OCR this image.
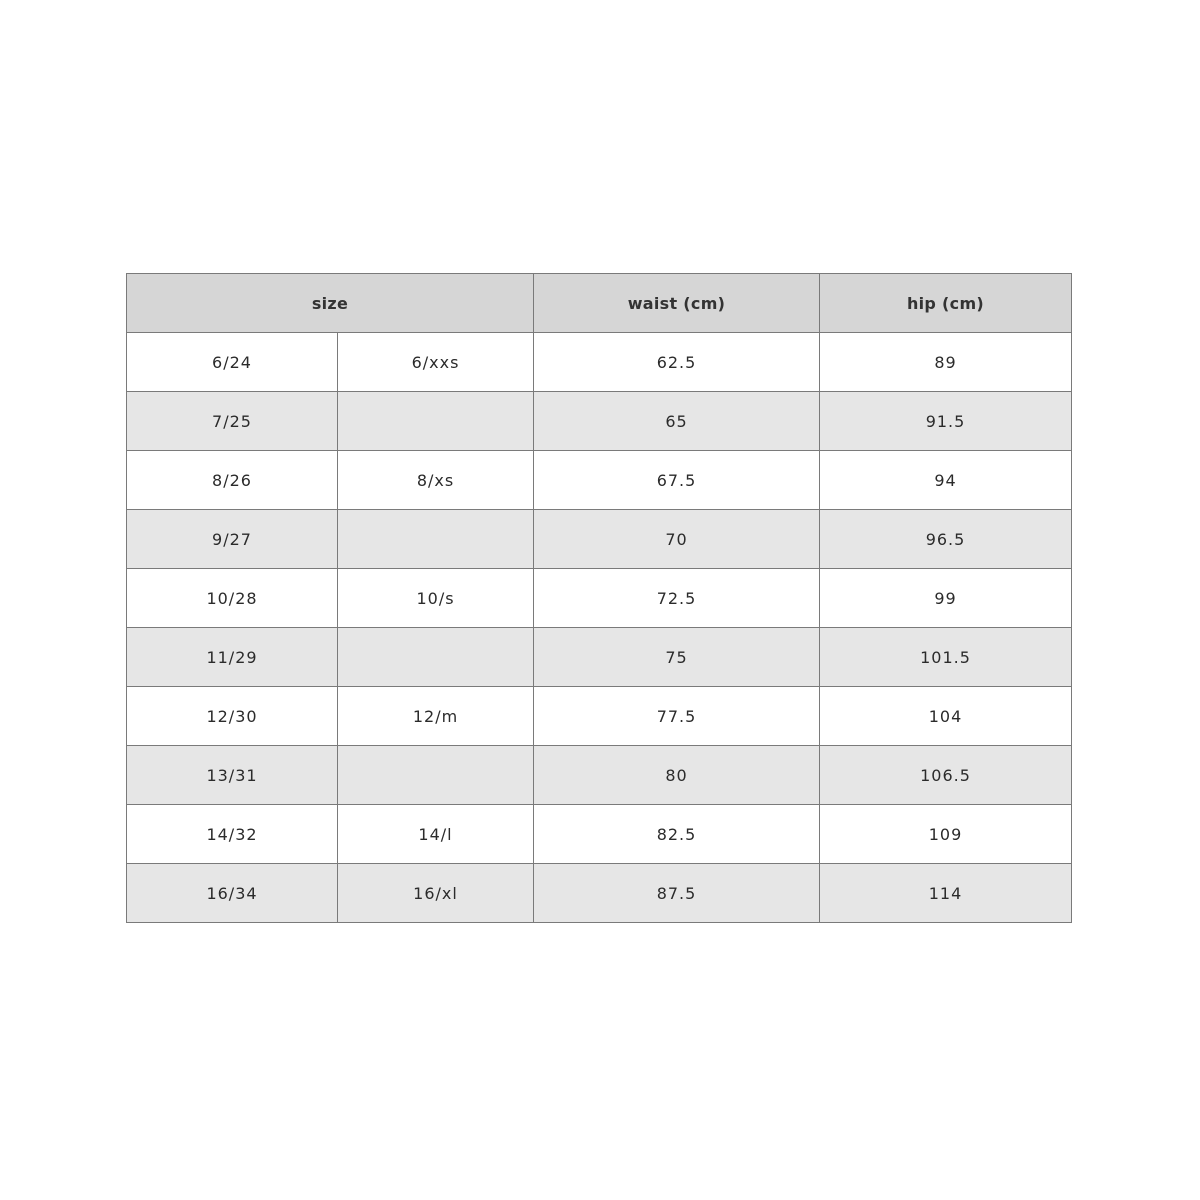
size		waist (cm)	hip (cm)
6/24	6/xxs	62.5	89
7/25		65	91.5
8/26	8/xs	67.5	94
9/27		70	96.5
10/28	10/s	72.5	99
11/29		75	101.5
12/30	12/m	77.5	104
13/31		80	106.5
14/32	14/l	82.5	109
16/34	16/xl	87.5	114
